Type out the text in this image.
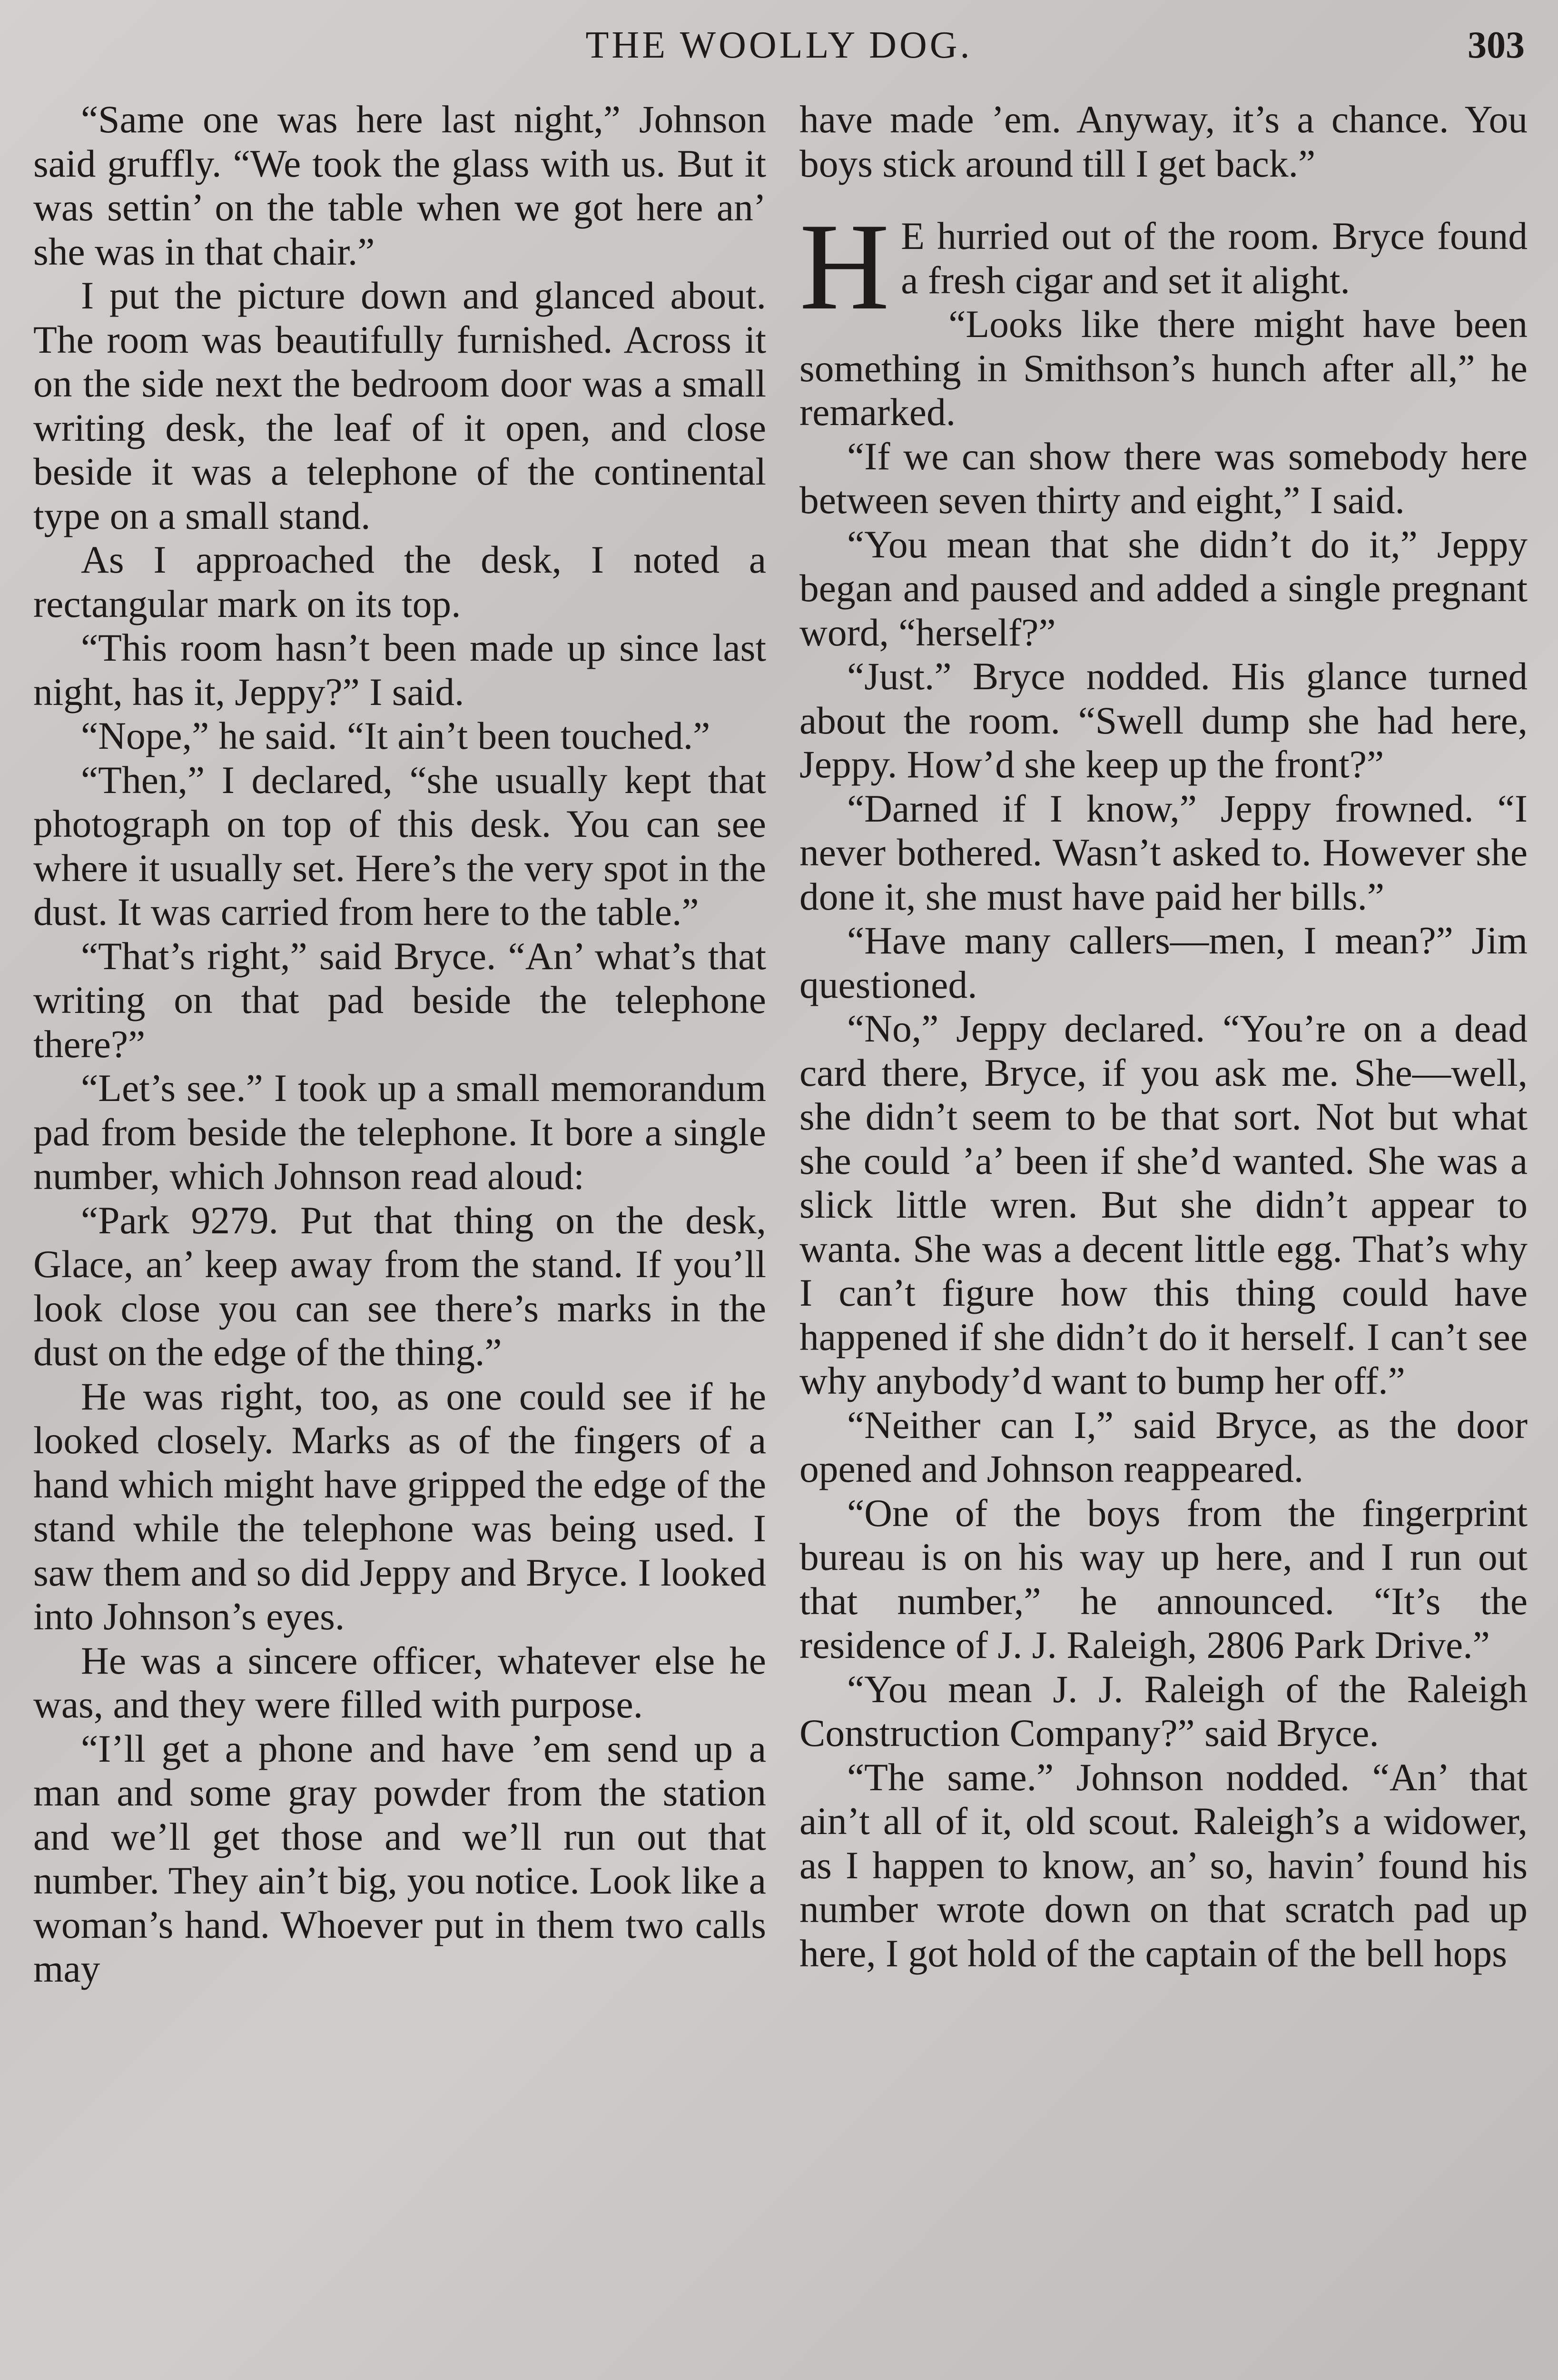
THE WOOLLY DOG.	303

“Same one was here last night,” Johnson said gruffly. “We took the glass with us. But it was settin’ on the table when we got here an’ she was in that chair.”

I put the picture down and glanced about. The room was beautifully furnished. Across it on the side next the bedroom door was a small writing desk, the leaf of it open, and close beside it was a telephone of the continental type on a small stand.

As I approached the desk, I noted a rectangular mark on its top.

“This room hasn’t been made up since last night, has it, Jeppy?” I said.

“Nope,” he said. “It ain’t been touched.”

“Then,” I declared, “she usually kept that photograph on top of this desk. You can see where it usually set. Here’s the very spot in the dust. It was carried from here to the table.”

“That’s right,” said Bryce. “An’ what’s that writing on that pad beside the telephone there?”

“Let’s see.” I took up a small memorandum pad from beside the telephone. It bore a single number, which Johnson read aloud:

“Park 9279. Put that thing on the desk, Glace, an’ keep away from the stand. If you’ll look close you can see there’s marks in the dust on the edge of the thing.”

He was right, too, as one could see if he looked closely. Marks as of the fingers of a hand which might have gripped the edge of the stand while the telephone was being used. I saw them and so did Jeppy and Bryce. I looked into Johnson’s eyes.

He was a sincere officer, whatever else he was, and they were filled with purpose.

“I’ll get a phone and have ’em send up a man and some gray powder from the station and we’ll get those and we’ll run out that number. They ain’t big, you notice. Look like a woman’s hand. Whoever put in them two calls may

have made ’em. Anyway, it’s a chance. You boys stick around till I get back.”

H E hurried out of the room. Bryce found a fresh cigar and set it alight.

“Looks like there might have been something in Smithson’s hunch after all,” he remarked.

“If we can show there was somebody here between seven thirty and eight,” I said.

“You mean that she didn’t do it,” Jeppy began and paused and added a single pregnant word, “herself?”

“Just.” Bryce nodded. His glance turned about the room. “Swell dump she had here, Jeppy. How’d she keep up the front?”

“Darned if I know,” Jeppy frowned. “I never bothered. Wasn’t asked to. However she done it, she must have paid her bills.”

“Have many callers—men, I mean?” Jim questioned.

“No,” Jeppy declared. “You’re on a dead card there, Bryce, if you ask me. She—well, she didn’t seem to be that sort. Not but what she could ’a’ been if she’d wanted. She was a slick little wren. But she didn’t appear to wanta. She was a decent little egg. That’s why I can’t figure how this thing could have happened if she didn’t do it herself. I can’t see why anybody’d want to bump her off.”

“Neither can I,” said Bryce, as the door opened and Johnson reappeared.

“One of the boys from the fingerprint bureau is on his way up here, and I run out that number,” he announced. “It’s the residence of J. J. Raleigh, 2806 Park Drive.”

“You mean J. J. Raleigh of the Raleigh Construction Company?” said Bryce.

“The same.” Johnson nodded. “An’ that ain’t all of it, old scout. Raleigh’s a widower, as I happen to know, an’ so, havin’ found his number wrote down on that scratch pad up here, I got hold of the captain of the bell hops
